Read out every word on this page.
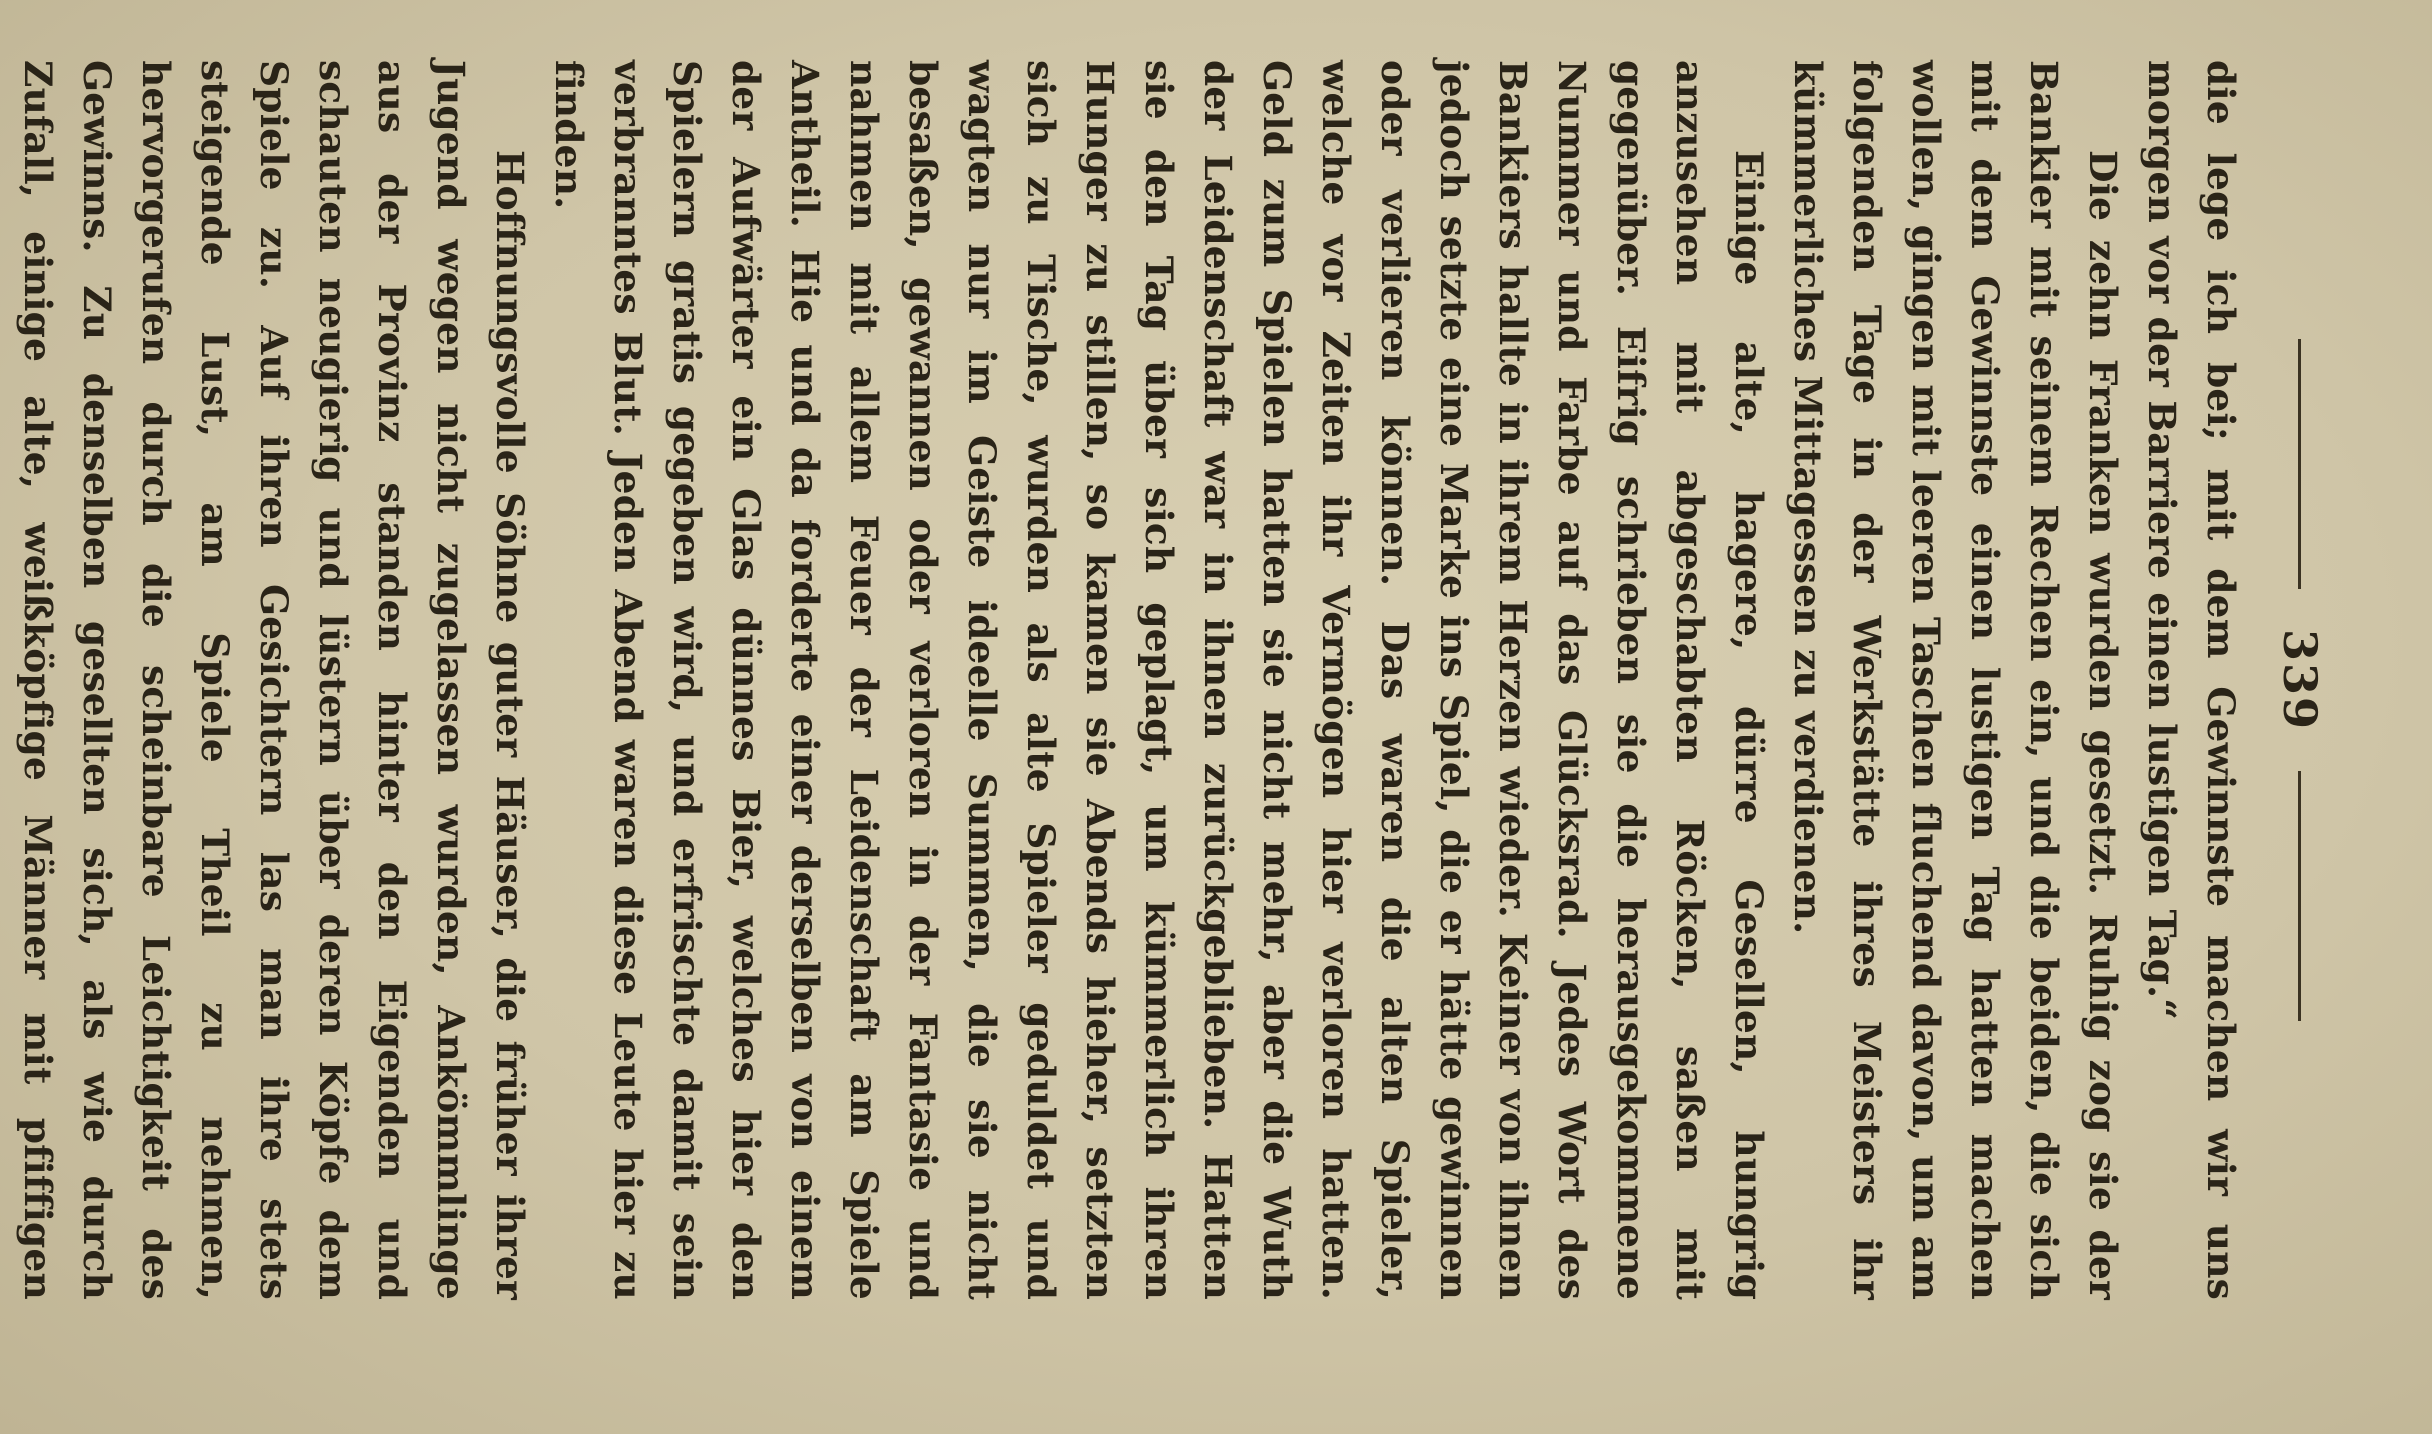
339

die lege ich bei; mit dem Gewinnste machen wir uns morgen vor der Barriere einen lustigen Tag.“

Die zehn Franken wurden gesetzt. Ruhig zog sie der Bankier mit seinem Rechen ein, und die beiden, die sich mit dem Gewinnste einen lustigen Tag hatten machen wollen, gingen mit leeren Taschen fluchend davon, um am folgenden Tage in der Werkstätte ihres Meisters ihr kümmerliches Mittagessen zu verdienen.

Einige alte, hagere, dürre Gesellen, hungrig anzusehen mit abgeschabten Röcken, saßen mit gegenüber. Eifrig schrieben sie die herausgekommene Nummer und Farbe auf das Glücksrad. Jedes Wort des Bankiers hallte in ihrem Herzen wieder. Keiner von ihnen jedoch setzte eine Marke ins Spiel, die er hätte gewinnen oder verlieren können. Das waren die alten Spieler, welche vor Zeiten ihr Vermögen hier verloren hatten. Geld zum Spielen hatten sie nicht mehr, aber die Wuth der Leidenschaft war in ihnen zurückgeblieben. Hatten sie den Tag über sich geplagt, um kümmerlich ihren Hunger zu stillen, so kamen sie Abends hieher, setzten sich zu Tische, wurden als alte Spieler geduldet und wagten nur im Geiste ideelle Summen, die sie nicht besaßen, gewannen oder verloren in der Fantasie und nahmen mit allem Feuer der Leidenschaft am Spiele Antheil. Hie und da forderte einer derselben von einem der Aufwärter ein Glas dünnes Bier, welches hier den Spielern gratis gegeben wird, und erfrischte damit sein verbranntes Blut. Jeden Abend waren diese Leute hier zu finden.

Hoffnungsvolle Söhne guter Häuser, die früher ihrer Jugend wegen nicht zugelassen wurden, Ankömmlinge aus der Provinz standen hinter den Eigenden und schauten neugierig und lüstern über deren Köpfe dem Spiele zu. Auf ihren Gesichtern las man ihre stets steigende Lust, am Spiele Theil zu nehmen, hervorgerufen durch die scheinbare Leichtigkeit des Gewinns. Zu denselben gesellten sich, als wie durch Zufall, einige alte, weißköpfige Männer mit pfiffigen
